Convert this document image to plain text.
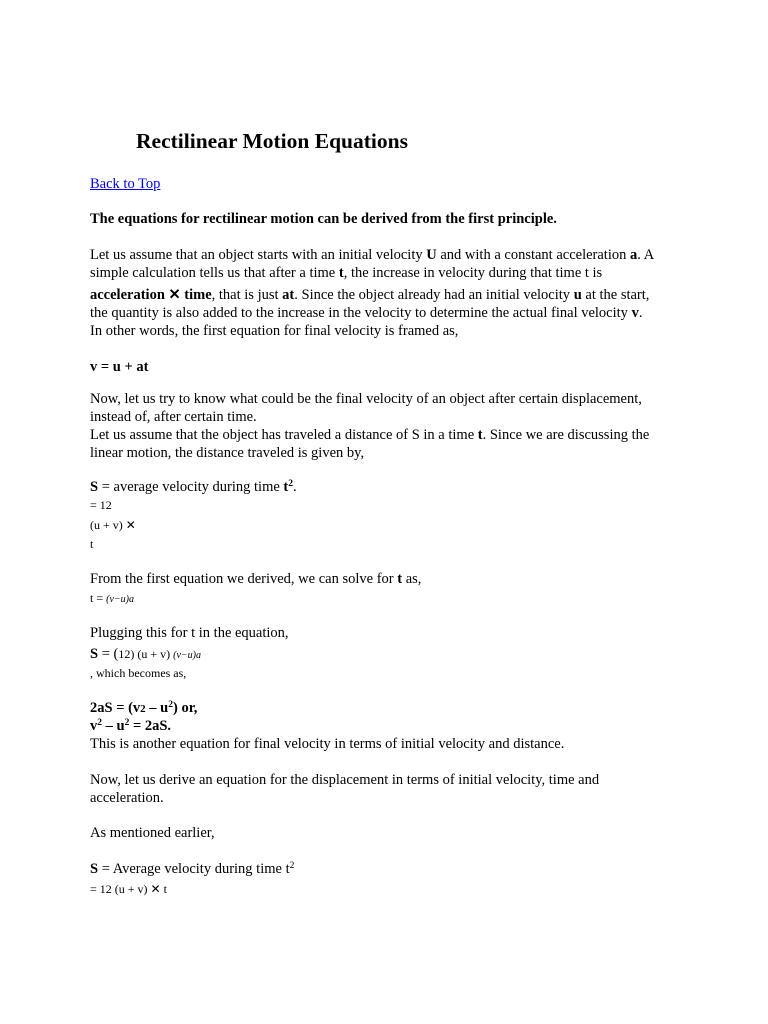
Rectilinear Motion Equations
Back to Top
The equations for rectilinear motion can be derived from the first principle.
Let us assume that an object starts with an initial velocity U and with a constant acceleration a. A
simple calculation tells us that after a time t, the increase in velocity during that time t is
acceleration ✕ time, that is just at. Since the object already had an initial velocity u at the start,
the quantity is also added to the increase in the velocity to determine the actual final velocity v.
In other words, the first equation for final velocity is framed as,
v = u + at
Now, let us try to know what could be the final velocity of an object after certain displacement,
instead of, after certain time.
Let us assume that the object has traveled a distance of S in a time t. Since we are discussing the
linear motion, the distance traveled is given by,
S = average velocity during time $t^2$.
= 12
(u + v) ✕
t
From the first equation we derived, we can solve for t as,
t = (v−u)a
Plugging this for t in the equation,
S = (12) (u + v) (v−u)a
, which becomes as,
$2aS = (v2 - u^2)$ or,
$v^2 - u^2 = 2aS$.
This is another equation for final velocity in terms of initial velocity and distance.
Now, let us derive an equation for the displacement in terms of initial velocity, time and
acceleration.
As mentioned earlier,
S = Average velocity during time $t^2$
= 12 (u + v) ✕ t
